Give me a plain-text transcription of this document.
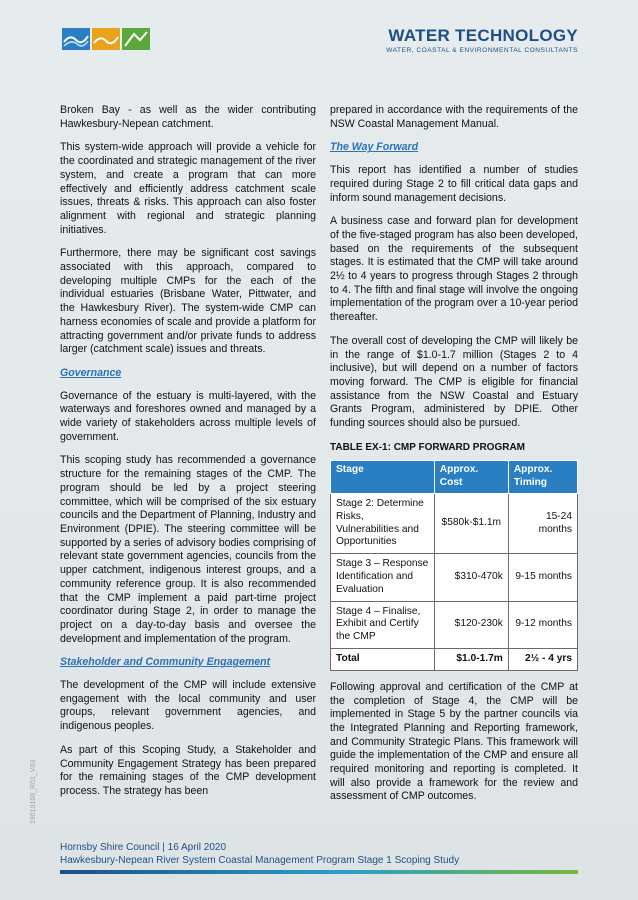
WATER TECHNOLOGY
WATER, COASTAL & ENVIRONMENTAL CONSULTANTS

Broken Bay - as well as the wider contributing Hawkesbury-Nepean catchment.

This system-wide approach will provide a vehicle for the coordinated and strategic management of the river system, and create a program that can more effectively and efficiently address catchment scale issues, threats & risks. This approach can also foster alignment with regional and strategic planning initiatives.

Furthermore, there may be significant cost savings associated with this approach, compared to developing multiple CMPs for the each of the individual estuaries (Brisbane Water, Pittwater, and the Hawkesbury River). The system-wide CMP can harness economies of scale and provide a platform for attracting government and/or private funds to address larger (catchment scale) issues and threats.

Governance

Governance of the estuary is multi-layered, with the waterways and foreshores owned and managed by a wide variety of stakeholders across multiple levels of government.

This scoping study has recommended a governance structure for the remaining stages of the CMP. The program should be led by a project steering committee, which will be comprised of the six estuary councils and the Department of Planning, Industry and Environment (DPIE). The steering committee will be supported by a series of advisory bodies comprising of relevant state government agencies, councils from the upper catchment, indigenous interest groups, and a community reference group. It is also recommended that the CMP implement a paid part-time project coordinator during Stage 2, in order to manage the project on a day-to-day basis and oversee the development and implementation of the program.

Stakeholder and Community Engagement

The development of the CMP will include extensive engagement with the local community and user groups, relevant government agencies, and indigenous peoples.

As part of this Scoping Study, a Stakeholder and Community Engagement Strategy has been prepared for the remaining stages of the CMP development process. The strategy has been

prepared in accordance with the requirements of the NSW Coastal Management Manual.

The Way Forward

This report has identified a number of studies required during Stage 2 to fill critical data gaps and inform sound management decisions.

A business case and forward plan for development of the five-staged program has also been developed, based on the requirements of the subsequent stages. It is estimated that the CMP will take around 2½ to 4 years to progress through Stages 2 through to 4. The fifth and final stage will involve the ongoing implementation of the program over a 10-year period thereafter.

The overall cost of developing the CMP will likely be in the range of $1.0-1.7 million (Stages 2 to 4 inclusive), but will depend on a number of factors moving forward. The CMP is eligible for financial assistance from the NSW Coastal and Estuary Grants Program, administered by DPIE. Other funding sources should also be pursued.

TABLE EX-1: CMP FORWARD PROGRAM
Stage	Approx. Cost	Approx. Timing
Stage 2: Determine Risks, Vulnerabilities and Opportunities	$580k-$1.1m	15-24 months
Stage 3 – Response Identification and Evaluation	$310-470k	9-15 months
Stage 4 – Finalise, Exhibit and Certify the CMP	$120-230k	9-12 months
Total	$1.0-1.7m	2½ - 4 yrs

Following approval and certification of the CMP at the completion of Stage 4, the CMP will be implemented in Stage 5 by the partner councils via the Integrated Planning and Reporting framework, and Community Strategic Plans. This framework will guide the implementation of the CMP and ensure all required monitoring and reporting is completed. It will also provide a framework for the review and assessment of CMP outcomes.

19010168_R01_V03
Hornsby Shire Council | 16 April 2020
Hawkesbury-Nepean River System Coastal Management Program Stage 1 Scoping Study
